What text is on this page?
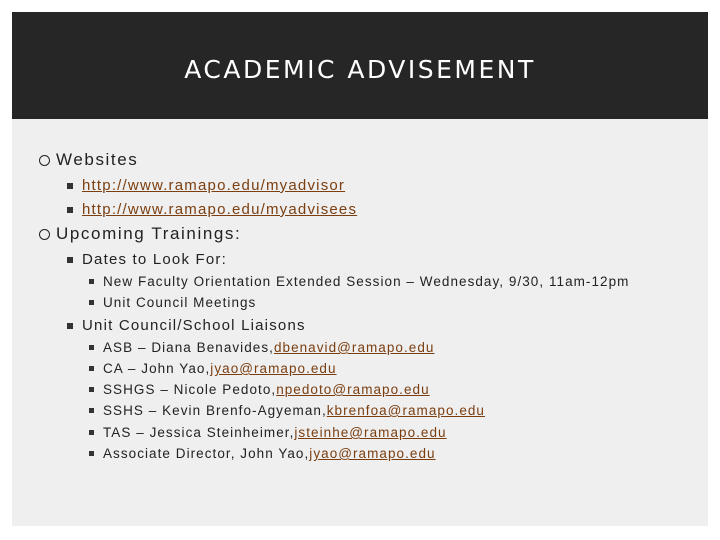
ACADEMIC ADVISEMENT
Websites
http://www.ramapo.edu/myadvisor
http://www.ramapo.edu/myadvisees
Upcoming Trainings:
Dates to Look For:
New Faculty Orientation Extended Session – Wednesday, 9/30, 11am-12pm
Unit Council Meetings
Unit Council/School Liaisons
ASB – Diana Benavides, dbenavid@ramapo.edu
CA – John Yao, jyao@ramapo.edu
SSHGS – Nicole Pedoto, npedoto@ramapo.edu
SSHS – Kevin Brenfo-Agyeman, kbrenfoa@ramapo.edu
TAS – Jessica Steinheimer, jsteinhe@ramapo.edu
Associate Director, John Yao, jyao@ramapo.edu
